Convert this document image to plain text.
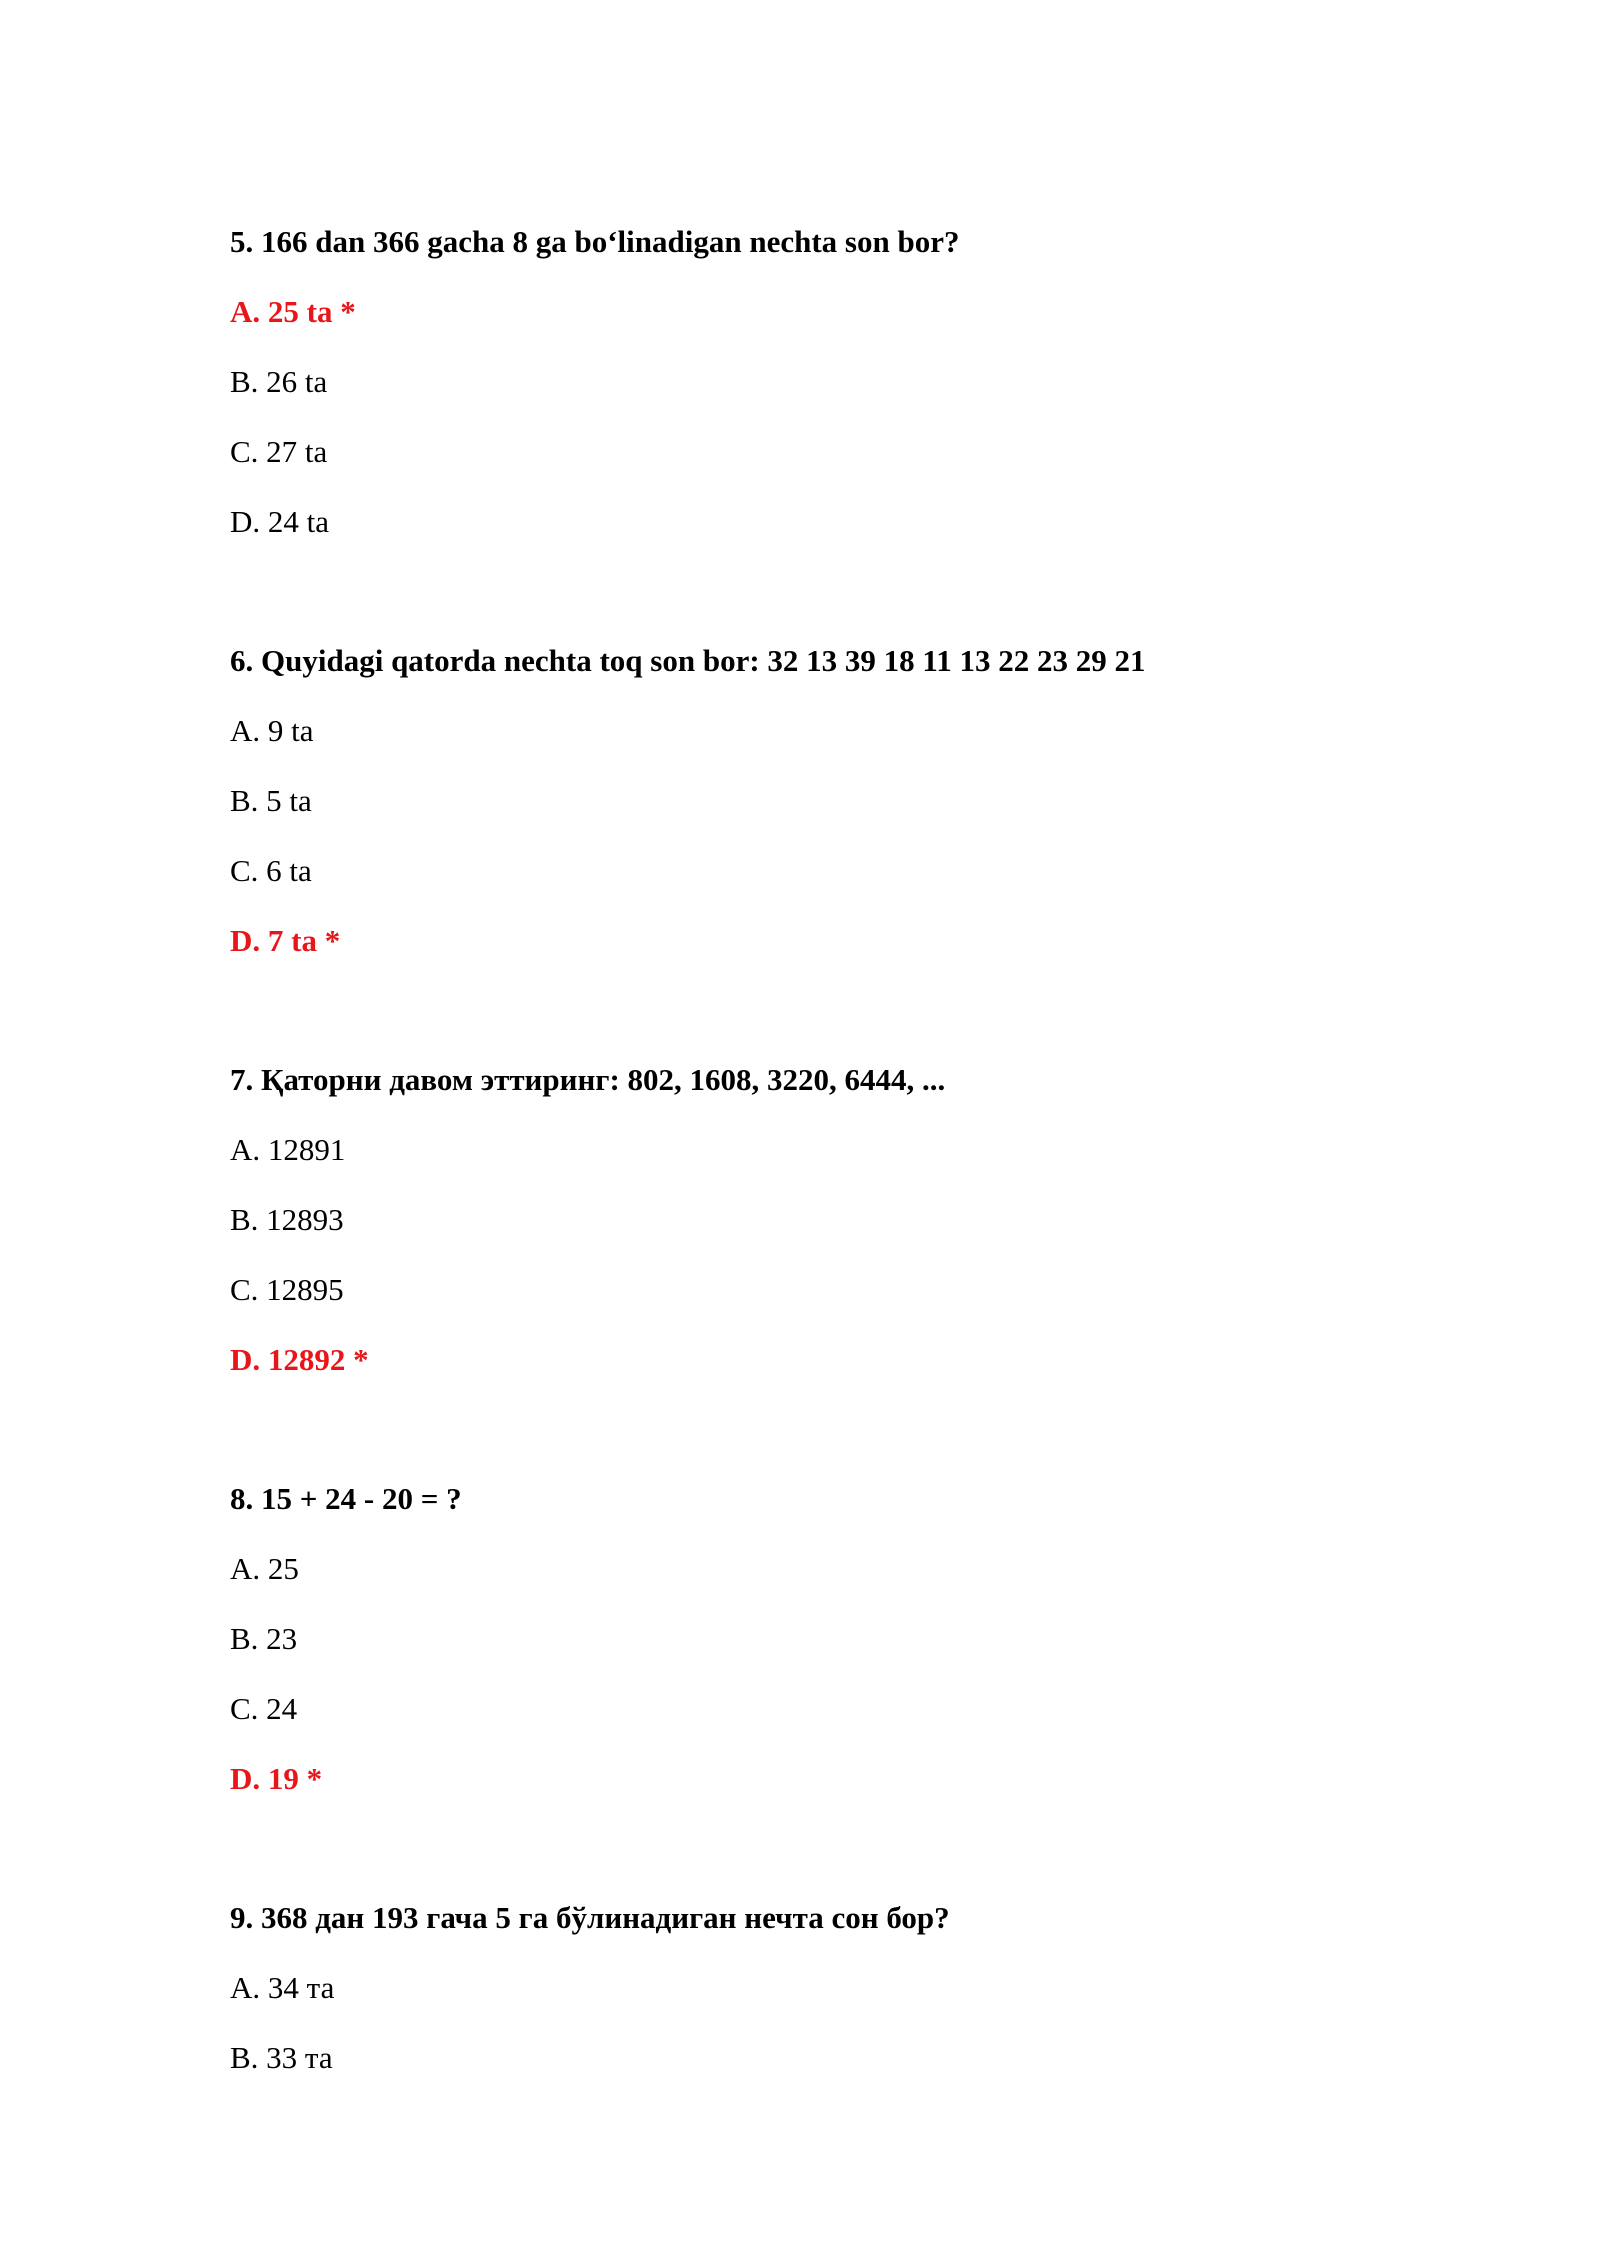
5. 166 dan 366 gacha 8 ga bo‘linadigan nechta son bor?
A. 25 ta *
B. 26 ta
C. 27 ta
D. 24 ta
6. Quyidagi qatorda nechta toq son bor: 32 13 39 18 11 13 22 23 29 21
A. 9 ta
B. 5 ta
C. 6 ta
D. 7 ta *
7. Қаторни давом эттиринг: 802, 1608, 3220, 6444, ...
A. 12891
B. 12893
C. 12895
D. 12892 *
8. 15 + 24 - 20 = ?
A. 25
B. 23
C. 24
D. 19 *
9. 368 дан 193 гача 5 га бўлинадиган нечта сон бор?
A. 34 та
B. 33 та
